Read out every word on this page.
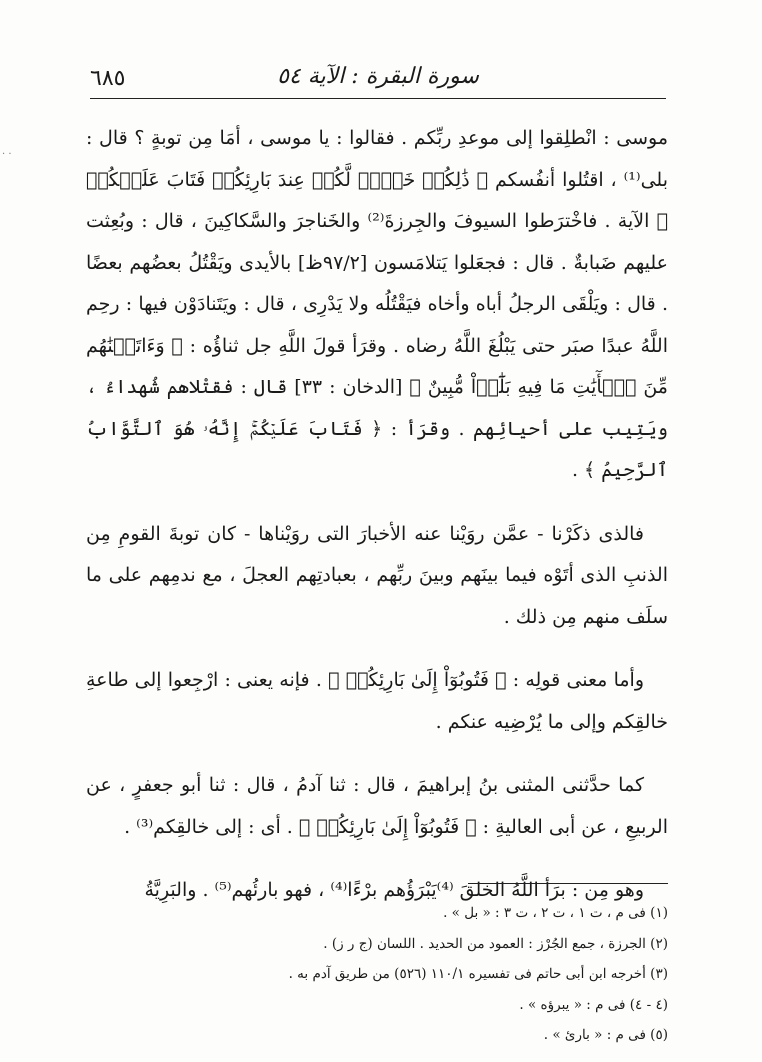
٦٨٥	سورة البقرة : الآية ٥٤
. .

موسى : انْطلِقوا إلى موعدِ ربِّكم . فقالوا : يا موسى ، أمَا مِن توبةٍ ؟ قال : بلى⁽¹⁾ ، اقتُلوا أنفُسكم ﴿ ذَٰلِكُمۡ خَيۡرٞ لَّكُمۡ عِندَ بَارِئِكُمۡ فَتَابَ عَلَيۡكُمۡ ﴾ الآية . فاخْترَطوا السيوفَ والجِرزةَ⁽²⁾ والخَناجرَ والسَّكاكِينَ ، قال : وبُعِثت عليهم ضَبابةٌ . قال : فجعَلوا يَتلامَسون [٩٧/٢ظ] بالأيدى ويَقْتُلُ بعضُهم بعضًا . قال : ويَلْقَى الرجلُ أباه وأخاه فيَقْتُلُه ولا يَدْرِى ، قال : ويَتَنادَوْن فيها : رحِم اللَّهُ عبدًا صبَر حتى يَبْلُغَ اللَّهُ رضاه . وقرَأ قولَ اللَّهِ جل ثناؤُه : ﴿ وَءَاتَيۡنَٰهُم مِّنَ ٱلۡأٓيَٰتِ مَا فِيهِ بَلَٰٓؤٞاْ مُّبِينٌ ﴾ [الدخان : ٣٣] قال : فقتْلاهم شُهداءُ ، ويَتِيب على أحيائِهم . وقرَأ : ﴿ فَتَابَ عَلَيۡكُمۡۚ إِنَّهُۥ هُوَ ٱلتَّوَّابُ ٱلرَّحِيمُ ﴾ .

فالذى ذكَرْنا - عمَّن روَيْنا عنه الأخبارَ التى روَيْناها - كان توبةَ القومِ مِن الذنبِ الذى أتَوْه فيما بينَهم وبينَ ربِّهم ، بعبادتِهم العجلَ ، مع ندمِهم على ما سلَف منهم مِن ذلك .

وأما معنى قولِه : ﴿ فَتُوبُوٓاْ إِلَىٰ بَارِئِكُمۡ ﴾ . فإنه يعنى : ارْجِعوا إلى طاعةِ خالقِكم وإلى ما يُرْضِيه عنكم .

كما حدَّثنى المثنى بنُ إبراهيمَ ، قال : ثنا آدمُ ، قال : ثنا أبو جعفرٍ ، عن الربيعِ ، عن أبى العاليةِ : ﴿ فَتُوبُوٓاْ إِلَىٰ بَارِئِكُمۡ ﴾ . أى : إلى خالقِكم⁽³⁾ .

وهو مِن : برَأ اللَّهُ الخلقَ ⁽⁴⁾يَبْرَؤُهم برْءًا⁽⁴⁾ ، فهو بارئُهم⁽⁵⁾ . والبَرِيَّةُ

(١) فى م ، ت ١ ، ت ٢ ، ت ٣ : « بل » .
(٢) الجرزة ، جمع الجُرْز : العمود من الحديد . اللسان (ج ر ز) .
(٣) أخرجه ابن أبى حاتم فى تفسيره ١١٠/١ (٥٢٦) من طريق آدم به .
(٤ - ٤) فى م : « يبرؤه » .
(٥) فى م : « بارئ » .
